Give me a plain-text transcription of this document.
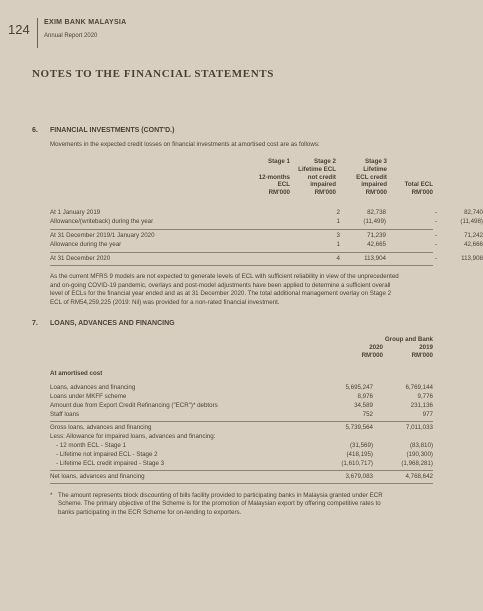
124 EXIM BANK MALAYSIA
Annual Report 2020
NOTES TO THE FINANCIAL STATEMENTS
6. FINANCIAL INVESTMENTS (CONT'D.)
Movements in the expected credit losses on financial investments at amortised cost are as follows:
Stage 1

12-months
ECL
RM'000
Stage 2
Lifetime ECL
not credit
impaired
RM'000
Stage 3
Lifetime
ECL credit
impaired
RM'000

Total ECL
RM'000
At 1 January 2019	2	82,738	-	82,740
Allowance/(writeback) during the year	1	(11,499)	-	(11,498)
At 31 December 2019/1 January 2020	3	71,239	-	71,242
Allowance during the year	1	42,665	-	42,666
At 31 December 2020	4	113,904	-	113,908
As the current MFRS 9 models are not expected to generate levels of ECL with sufficient reliability in view of the unprecedented
and on-going COVID-19 pandemic, overlays and post-model adjustments have been applied to determine a sufficient overall
level of ECLs for the financial year ended and as at 31 December 2020. The total additional management overlay on Stage 2
ECL of RM54,259,225 (2019: Nil) was provided for a non-rated financial investment.
7. LOANS, ADVANCES AND FINANCING
Group and Bank
2020
RM'000
2019
RM'000
At amortised cost
Loans, advances and financing	5,695,247	6,769,144
Loans under MKFF scheme	8,976	9,776
Amount due from Export Credit Refinancing ("ECR")* debtors	34,589	231,136
Staff loans	752	977
Gross loans, advances and financing	5,739,564	7,011,033
Less: Allowance for impaired loans, advances and financing:
- 12 month ECL - Stage 1	(31,569)	(83,810)
- Lifetime not impaired ECL - Stage 2	(418,195)	(190,300)
- Lifetime ECL credit impaired - Stage 3	(1,610,717)	(1,968,281)
Net loans, advances and financing	3,679,083	4,768,642
* The amount represents block discounting of bills facility provided to participating banks in Malaysia granted under ECR
Scheme. The primary objective of the Scheme is for the promotion of Malaysian export by offering competitive rates to
banks participating in the ECR Scheme for on-lending to exporters.
